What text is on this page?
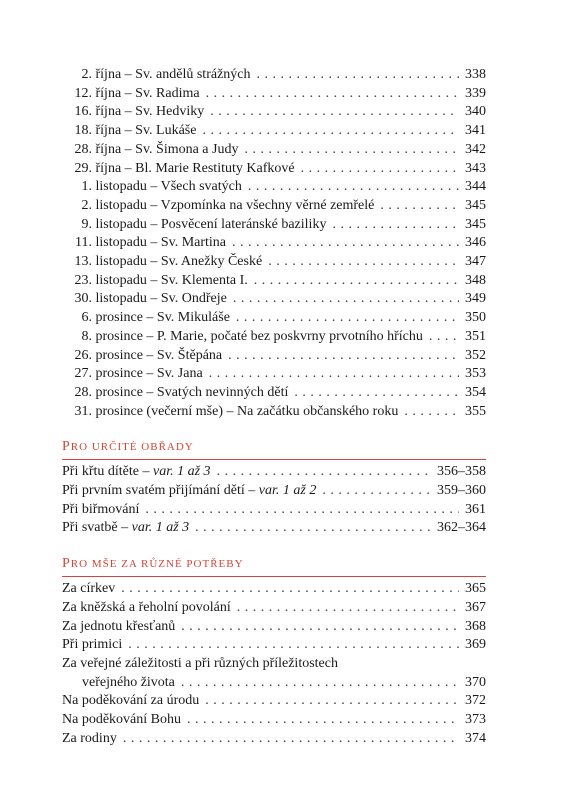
2. října – Sv. andělů strážných . . .	338
12. října – Sv. Radima . . .	339
16. října – Sv. Hedviky . . .	340
18. října – Sv. Lukáše . . .	341
28. října – Sv. Šimona a Judy . . .	342
29. října – Bl. Marie Restituty Kafkové . . .	343
1. listopadu – Všech svatých . . .	344
2. listopadu – Vzpomínka na všechny věrné zemřelé . . .	345
9. listopadu – Posvěcení lateránské baziliky . . .	345
11. listopadu – Sv. Martina . . .	346
13. listopadu – Sv. Anežky České . . .	347
23. listopadu – Sv. Klementa I. . . .	348
30. listopadu – Sv. Ondřeje . . .	349
6. prosince – Sv. Mikuláše . . .	350
8. prosince – P. Marie, počaté bez poskvrny prvotního hříchu . . .	351
26. prosince – Sv. Štěpána . . .	352
27. prosince – Sv. Jana . . .	353
28. prosince – Svatých nevinných dětí . . .	354
31. prosince (večerní mše) – Na začátku občanského roku . . .	355
PRO URČITÉ OBŘADY
Při křtu dítěte – var. 1 až 3 . . .	356–358
Při prvním svatém přijímání dětí – var. 1 až 2 . . .	359–360
Při biřmování . . .	361
Při svatbě – var. 1 až 3 . . .	362–364
PRO MŠE ZA RŮZNÉ POTŘEBY
Za církev . . .	365
Za kněžská a řeholní povolání . . .	367
Za jednotu křesťanů . . .	368
Při primici . . .	369
Za veřejné záležitosti a při různých příležitostech
veřejného života . . .	370
Na poděkování za úrodu . . .	372
Na poděkování Bohu . . .	373
Za rodiny . . .	374
